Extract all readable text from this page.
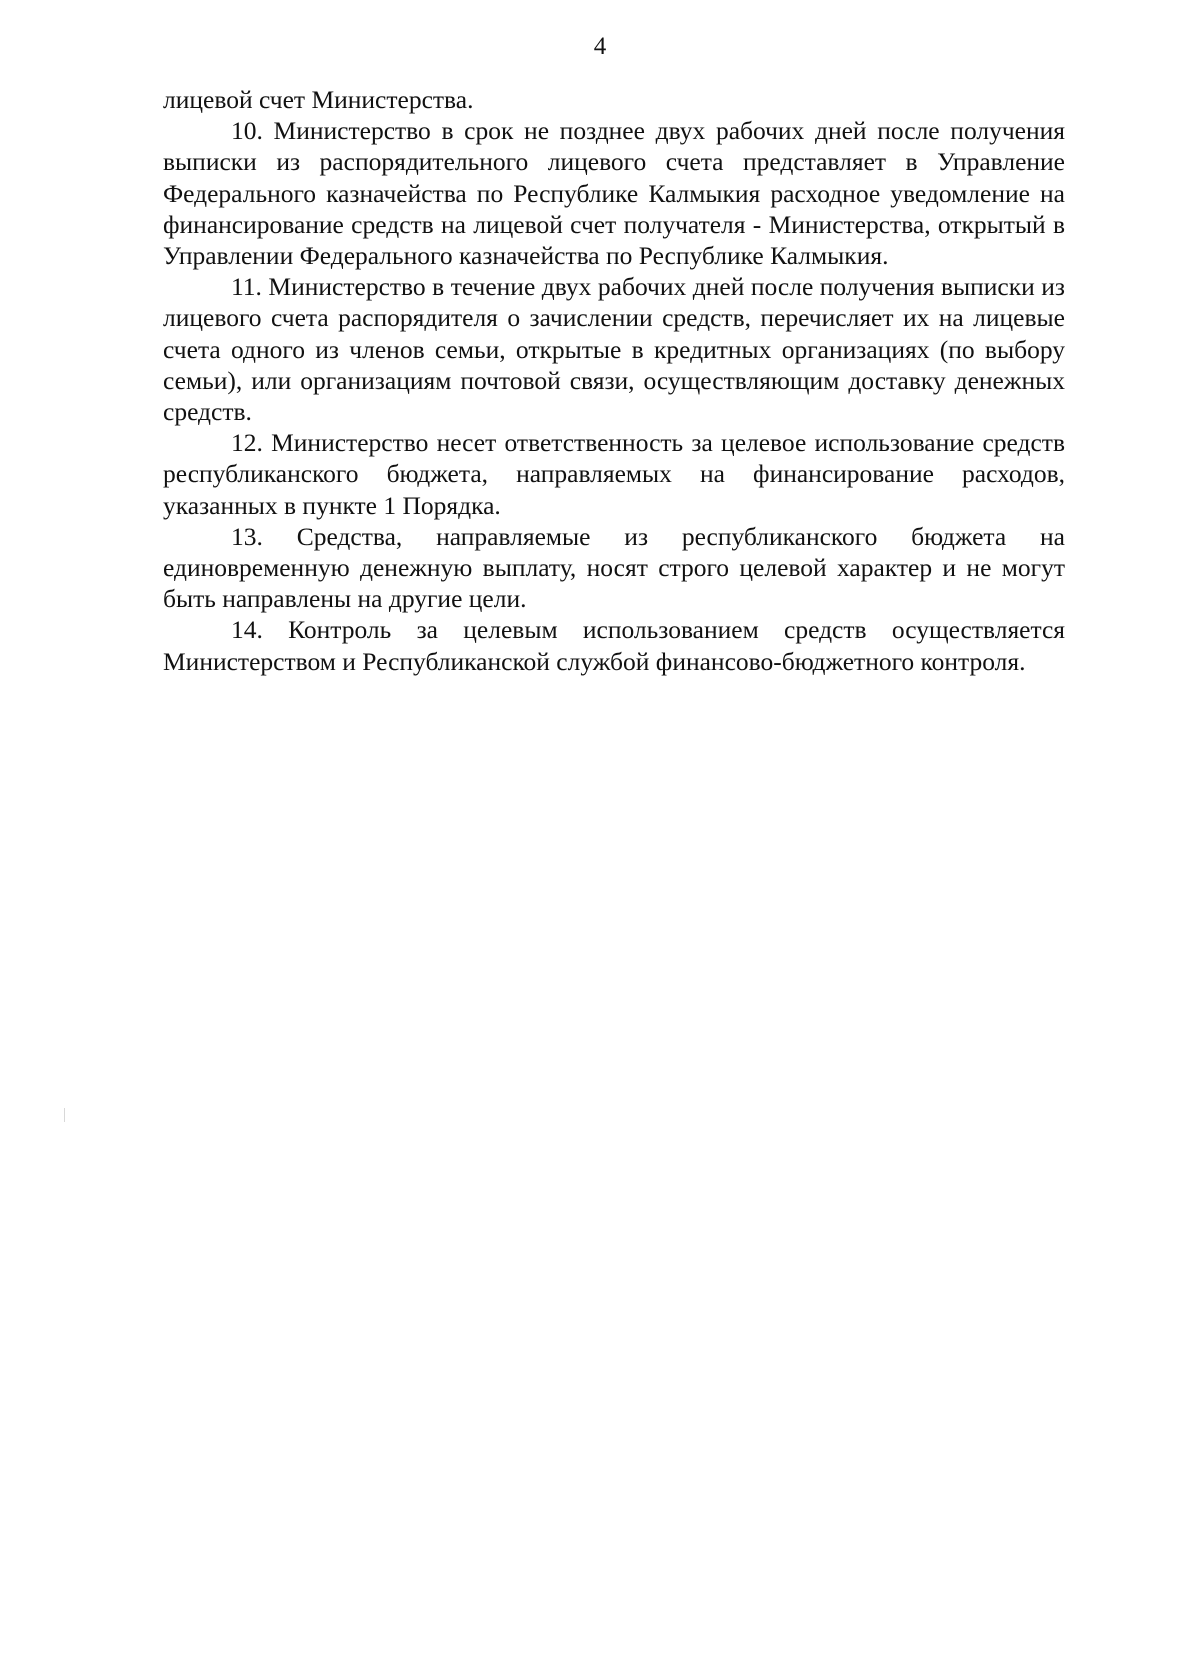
4

лицевой счет Министерства.

10. Министерство в срок не позднее двух рабочих дней после получения выписки из распорядительного лицевого счета представляет в Управление Федерального казначейства по Республике Калмыкия расходное уведомление на финансирование средств на лицевой счет получателя - Министерства, открытый в Управлении Федерального казначейства по Республике Калмыкия.

11. Министерство в течение двух рабочих дней после получения выписки из лицевого счета распорядителя о зачислении средств, перечисляет их на лицевые счета одного из членов семьи, открытые в кредитных организациях (по выбору семьи), или организациям почтовой связи, осуществляющим доставку денежных средств.

12. Министерство несет ответственность за целевое использование средств республиканского бюджета, направляемых на финансирование расходов, указанных в пункте 1 Порядка.

13. Средства, направляемые из республиканского бюджета на единовременную денежную выплату, носят строго целевой характер и не могут быть направлены на другие цели.

14. Контроль за целевым использованием средств осуществляется Министерством и Республиканской службой финансово-бюджетного контроля.
